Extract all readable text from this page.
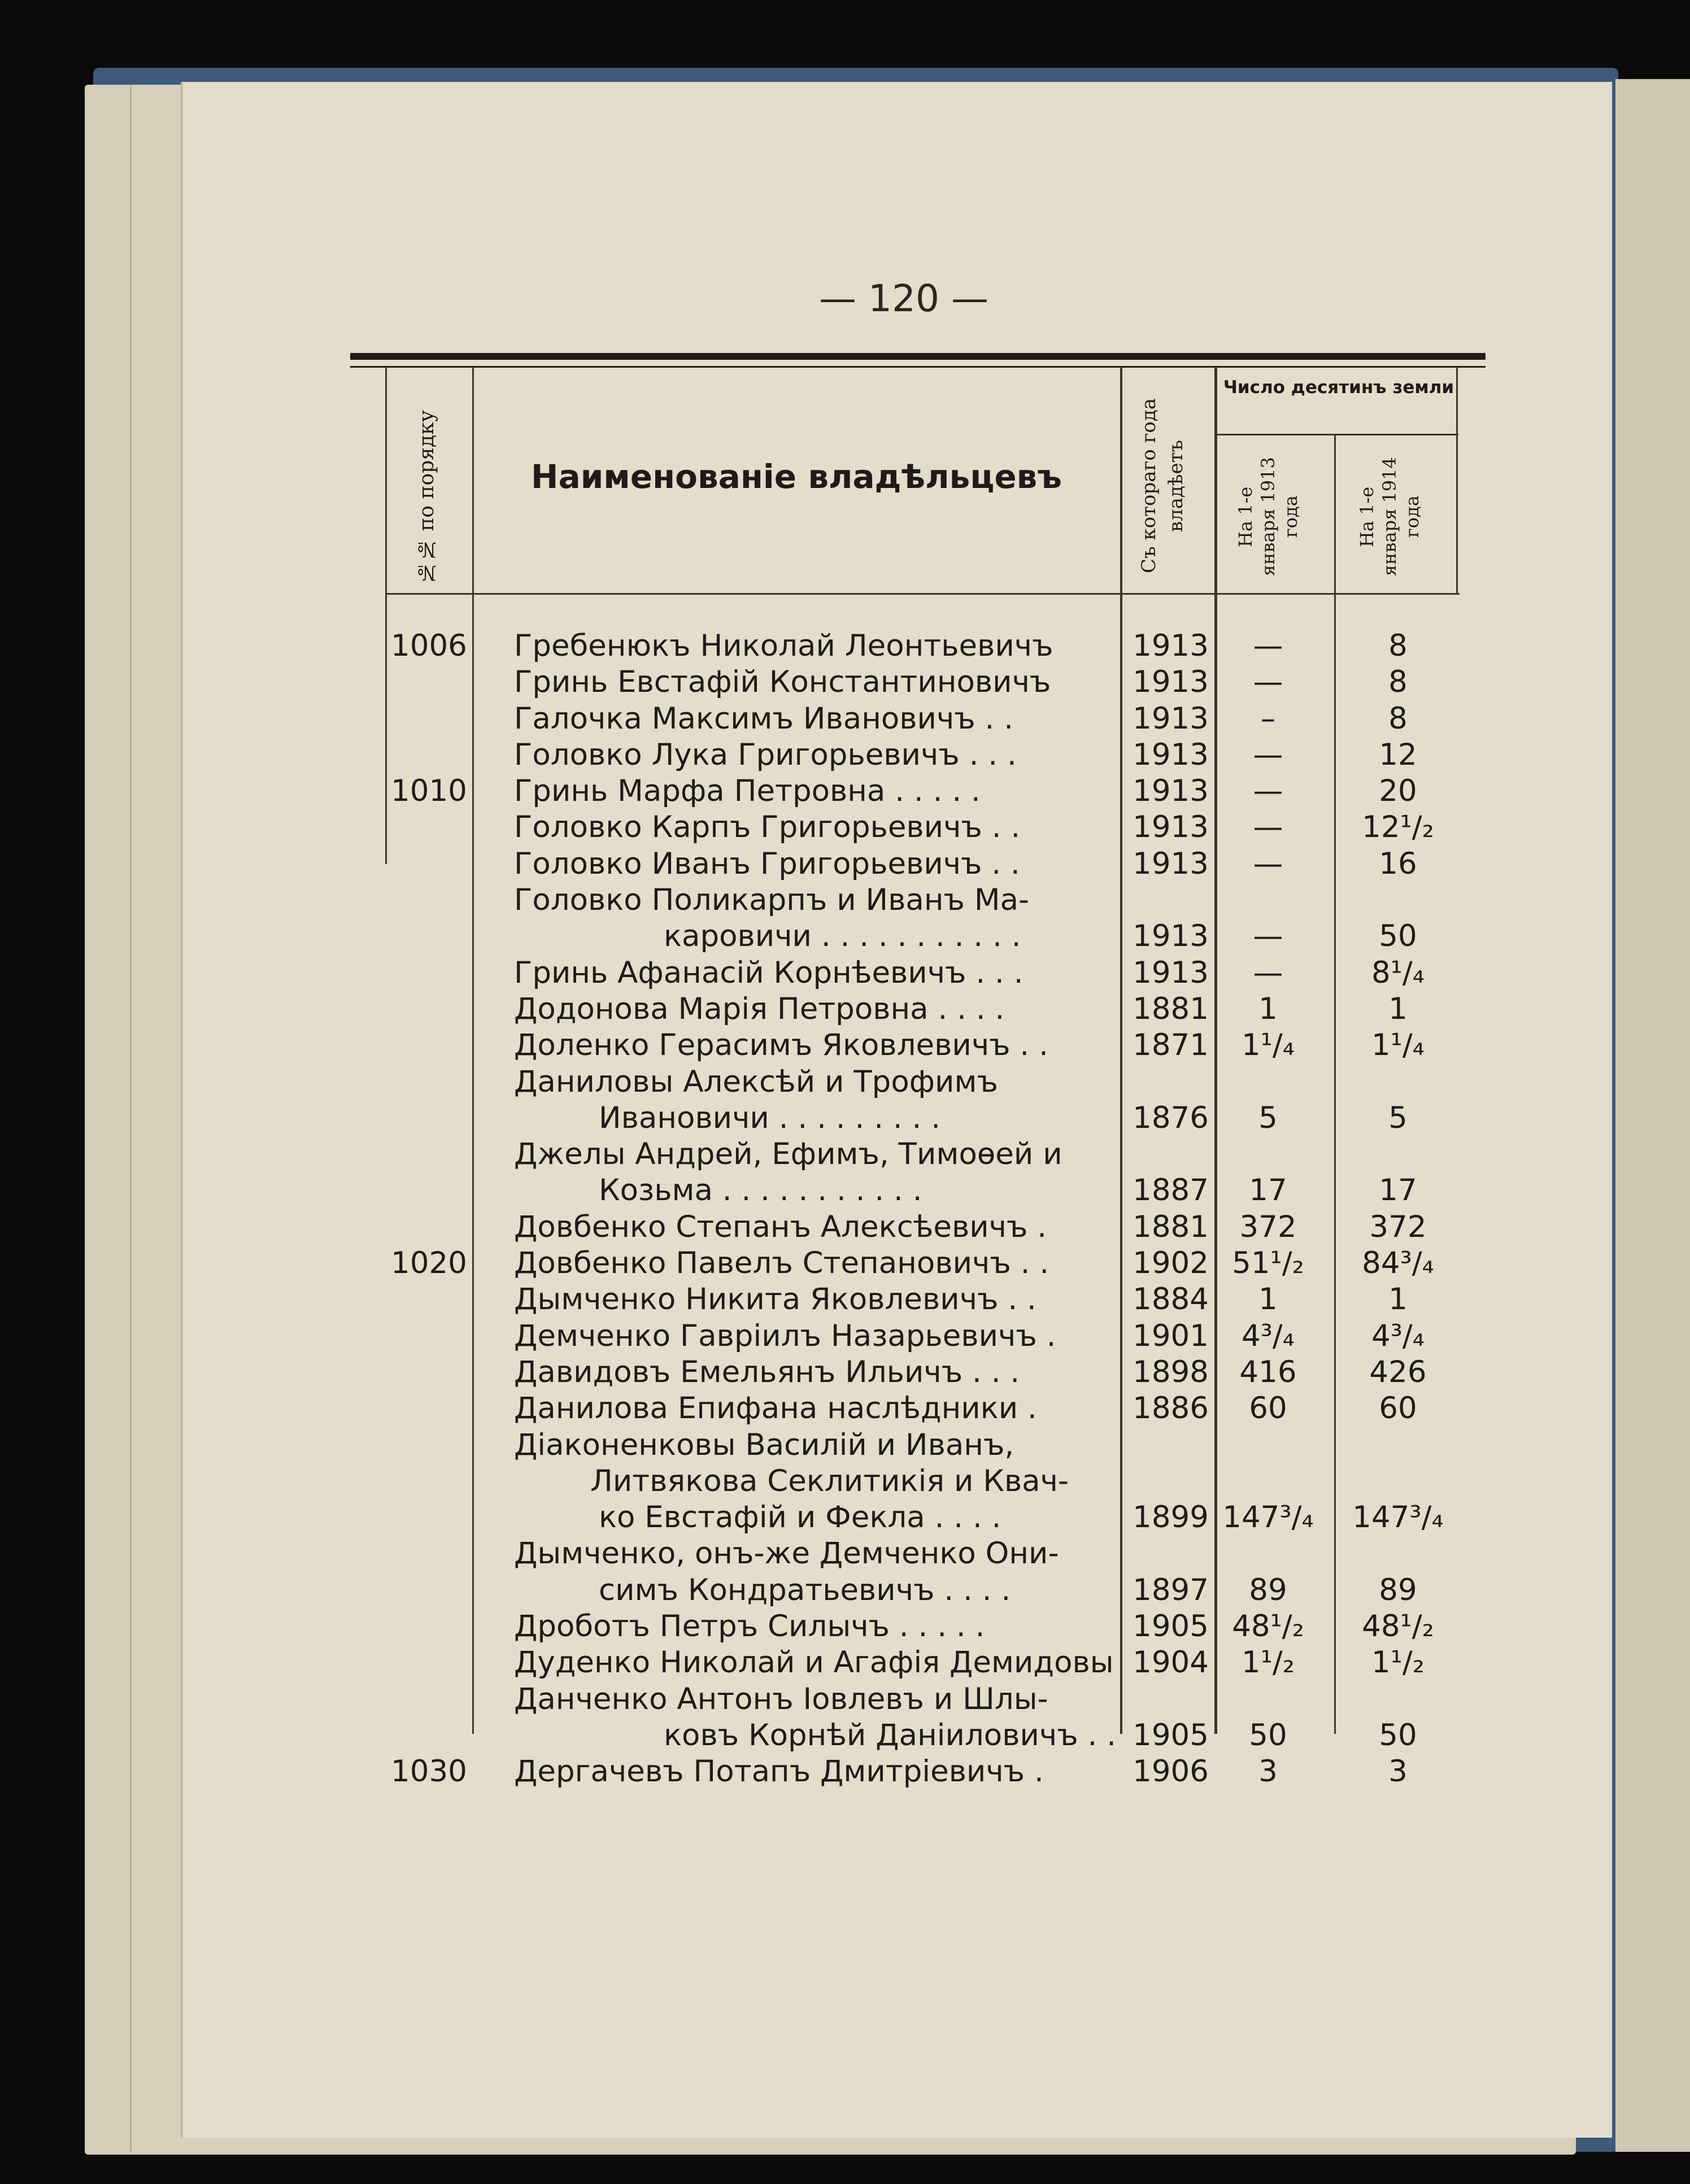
— 120 —
№№ по порядку	Наименованіе владѣльцевъ	Съ котораго года владѣетъ
Число десятинъ земли
На 1-е января 1913 года	На 1-е января 1914 года
1006 Гребенюкъ Николай Леонтьевичъ	1913	—	8
Гринь Евстафій Константиновичъ	1913	—	8
Галочка Максимъ Ивановичъ . .	1913	–	8
Головко Лука Григорьевичъ . . .	1913	—	12
1010 Гринь Марфа Петровна . . . . .	1913	—	20
Головко Карпъ Григорьевичъ . .	1913	—	12¹/₂
Головко Иванъ Григорьевичъ . .	1913	—	16
Головко Поликарпъ и Иванъ Ма-
каровичи . . . . . . . . . . .	1913	—	50
Гринь Афанасій Корнѣевичъ . . .	1913	—	8¹/₄
Додонова Марія Петровна . . . .	1881	1	1
Доленко Герасимъ Яковлевичъ . .	1871	1¹/₄	1¹/₄
Даниловы Алексѣй и Трофимъ
Ивановичи . . . . . . . . .	1876	5	5
Джелы Андрей, Ефимъ, Тимоѳей и
Козьма . . . . . . . . . . .	1887	17	17
Довбенко Степанъ Алексѣевичъ .	1881	372	372
1020 Довбенко Павелъ Степановичъ . .	1902 51¹/₂	84³/₄
Дымченко Никита Яковлевичъ . .	1884	1	1
Демченко Гавріилъ Назарьевичъ .	1901	4³/₄	4³/₄
Давидовъ Емельянъ Ильичъ . . .	1898	416	426
Данилова Епифана наслѣдники .	1886	60	60
Діаконенковы Василій и Иванъ,
Литвякова Секлитикія и Квач-
ко Евстафій и Фекла . . . .	1899 147³/₄	147³/₄
Дымченко, онъ-же Демченко Они-
симъ Кондратьевичъ . . . .	1897	89	89
Дроботъ Петръ Силычъ . . . . .	1905 48¹/₂	48¹/₂
Дуденко Николай и Агафія Демидовы 1904	1¹/₂	1¹/₂
Данченко Антонъ Іовлевъ и Шлы-
ковъ Корнѣй Даніиловичъ . . 1905	50	50
1030 Дергачевъ Потапъ Дмитріевичъ .	1906	3	3
